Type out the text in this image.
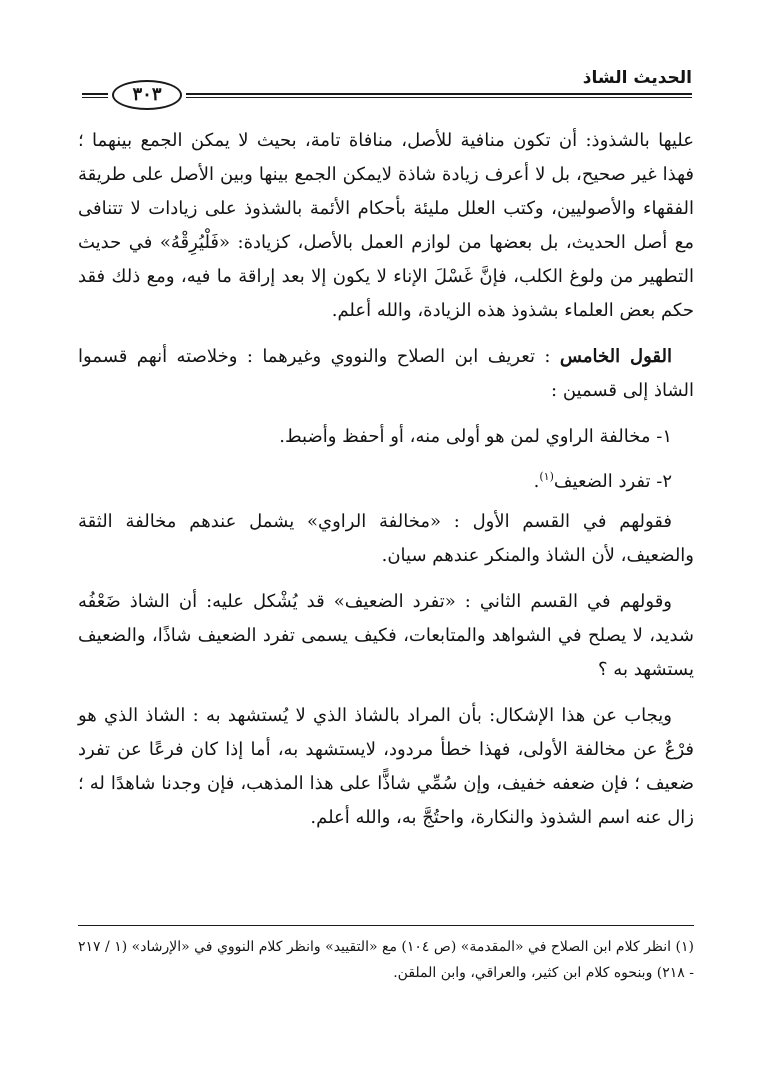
الحديث الشاذ
٣٠٣

عليها بالشذوذ: أن تكون منافية للأصل، منافاة تامة، بحيث لا يمكن الجمع بينهما ؛ فهذا غير صحيح، بل لا أعرف زيادة شاذة لايمكن الجمع بينها وبين الأصل على طريقة الفقهاء والأصوليين، وكتب العلل مليئة بأحكام الأئمة بالشذوذ على زيادات لا تتنافى مع أصل الحديث، بل بعضها من لوازم العمل بالأصل، كزيادة: «فَلْيُرِقْهُ» في حديث التطهير من ولوغ الكلب، فإنَّ غَسْلَ الإناء لا يكون إلا بعد إراقة ما فيه، ومع ذلك فقد حكم بعض العلماء بشذوذ هذه الزيادة، والله أعلم.

القول الخامس : تعريف ابن الصلاح والنووي وغيرهما : وخلاصته أنهم قسموا الشاذ إلى قسمين :

١- مخالفة الراوي لمن هو أولى منه، أو أحفظ وأضبط.

٢- تفرد الضعيف$^{(١)}$.

فقولهم في القسم الأول : «مخالفة الراوي» يشمل عندهم مخالفة الثقة والضعيف، لأن الشاذ والمنكر عندهم سيان.

وقولهم في القسم الثاني : «تفرد الضعيف» قد يُشْكل عليه: أن الشاذ ضَعْفُه شديد، لا يصلح في الشواهد والمتابعات، فكيف يسمى تفرد الضعيف شاذًا، والضعيف يستشهد به ؟

ويجاب عن هذا الإشكال: بأن المراد بالشاذ الذي لا يُستشهد به : الشاذ الذي هو فرْعٌ عن مخالفة الأولى، فهذا خطأ مردود، لايستشهد به، أما إذا كان فرعًا عن تفرد ضعيف ؛ فإن ضعفه خفيف، وإن سُمِّي شاذًّا على هذا المذهب، فإن وجدنا شاهدًا له ؛ زال عنه اسم الشذوذ والنكارة، واحتُجَّ به، والله أعلم.

(١) انظر كلام ابن الصلاح في «المقدمة» (ص ١٠٤) مع «التقييد» وانظر كلام النووي في «الإرشاد» (١ / ٢١٧ - ٢١٨) وبنحوه كلام ابن كثير، والعراقي، وابن الملقن.
